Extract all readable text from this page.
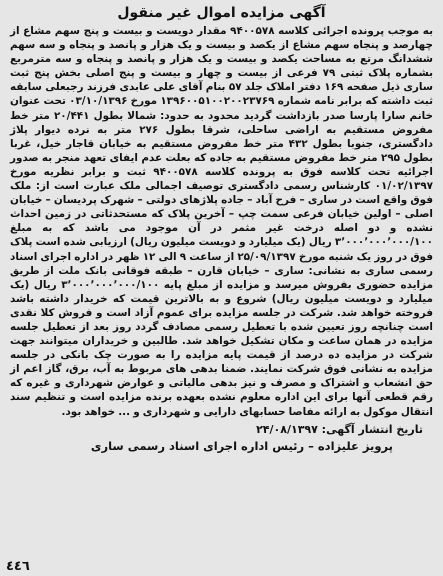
آگهی مزایده اموال غیر منقول

به موجب پرونده اجرائی کلاسه ۹۴۰۰۵۷۸ مقدار دویست و بیست و پنج سهم مشاع از چهارصد و پنجاه سهم مشاع از یکصد و بیست و یک هزار و پانصد و پنجاه و سه سهم ششدانگ مرتع به مساحت یکصد و بیست و یک هزار و پانصد و پنجاه و سه مترمربع بشماره پلاک ثبتی ۷۹ فرعی از بیست و چهار و بیست و پنج اصلی بخش پنج ثبت ساری ذیل صفحه ۱۶۹ دفتر املاک جلد ۵۷ بنام آقای علی عابدی فرزند رجبعلی سابقه ثبت داشته که برابر نامه شماره ۱۳۹۶۰۰۵۱۰۰۲۰۰۲۳۷۶۹ مورخ ۰۳/۱۰/۱۳۹۶ تحت عنوان خانم سارا پارسا صدر بازداشت گردید محدود به حدود: شمالا بطول ۲۰/۴۴۱ متر خط مفروض مستقیم به اراضی ساحلی، شرقا بطول ۲۷۶ متر به نرده دیوار پلاژ دادگستری، جنوبا بطول ۴۳۲ متر خط مفروض مستقیم به خیابان قاجار خیل، غربا بطول ۲۹۵ متر خط مفروض مستقیم به جاده که بعلت عدم ایفای تعهد منجر به صدور اجرائیه تحت کلاسه فوق به پرونده کلاسه ۹۴۰۰۵۷۸ ثبت و برابر نظریه مورخ ۰۱/۰۲/۱۳۹۷ کارشناس رسمی دادگستری توصیف اجمالی ملک عبارت است از: ملک فوق واقع است در ساری – فرح آباد – جاده پلاژهای دولتی – شهرک پردیسان – خیابان اصلی – اولین خیابان فرعی سمت چپ – آخرین پلاک که مستحدثاتی در زمین احداث نشده و دو اصله درخت غیر مثمر در آن موجود می باشد که به مبلغ ۳٬۰۰۰٬۰۰۰٬۰۰۰/۱۰۰ ریال (یک میلیارد و دویست میلیون ریال) ارزیابی شده است پلاک فوق در روز یک شنبه مورخ ۲۵/۰۹/۱۳۹۷ از ساعت ۹ الی ۱۲ ظهر در اداره اجرای اسناد رسمی ساری به نشانی: ساری – خیابان قارن – طبقه فوقانی بانک ملت از طریق مزایده حضوری بفروش میرسد و مزایده از مبلغ پایه ۳٬۰۰۰٬۰۰۰٬۰۰۰/۱۰۰ ریال (یک میلیارد و دویست میلیون ریال) شروع و به بالاترین قیمت که خریدار داشته باشد فروخته خواهد شد. شرکت در جلسه مزایده برای عموم آزاد است و فروش کلا نقدی است چنانچه روز تعیین شده با تعطیل رسمی مصادف گردد روز بعد از تعطیل جلسه مزایده در همان ساعت و مکان تشکیل خواهد شد. طالبین و خریداران میتوانند جهت شرکت در مزایده ده درصد از قیمت پایه مزایده را به صورت چک بانکی در جلسه مزایده به نشانی فوق شرکت نمایند. ضمنا بدهی های مربوط به آب، برق، گاز اعم از حق انشعاب و اشتراک و مصرف و نیز بدهی مالیاتی و عوارض شهرداری و غیره که رقم قطعی آنها برای این اداره معلوم نشده بعهده برنده مزایده است و تنظیم سند انتقال موکول به ارائه مفاصا حسابهای دارایی و شهرداری و ... خواهد بود.

تاریخ انتشار آگهی: ۲۴/۰۸/۱۳۹۷

پرویز علیزاده – رئیس اداره اجرای اسناد رسمی ساری

٤٤٦
